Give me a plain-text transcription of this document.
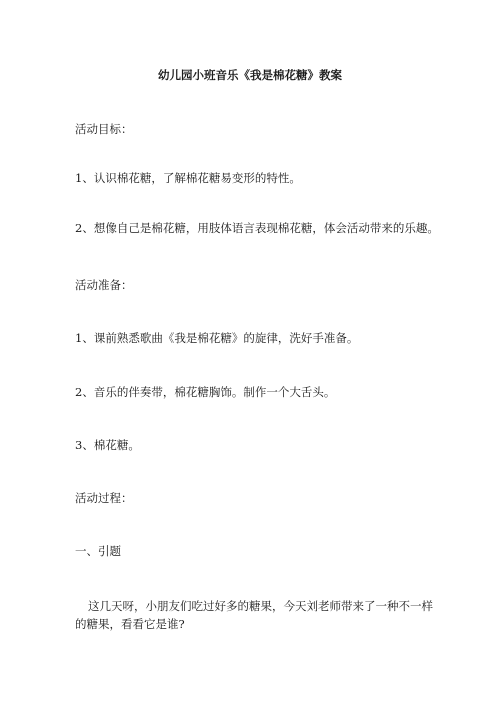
幼儿园小班音乐《我是棉花糖》教案
活动目标：
1、认识棉花糖，了解棉花糖易变形的特性。
2、想像自己是棉花糖，用肢体语言表现棉花糖，体会活动带来的乐趣。
活动准备：
1、课前熟悉歌曲《我是棉花糖》的旋律，洗好手准备。
2、音乐的伴奏带，棉花糖胸饰。制作一个大舌头。
3、棉花糖。
活动过程：
一、引题
这几天呀，小朋友们吃过好多的糖果，今天刘老师带来了一种不一样的糖果，看看它是谁?
